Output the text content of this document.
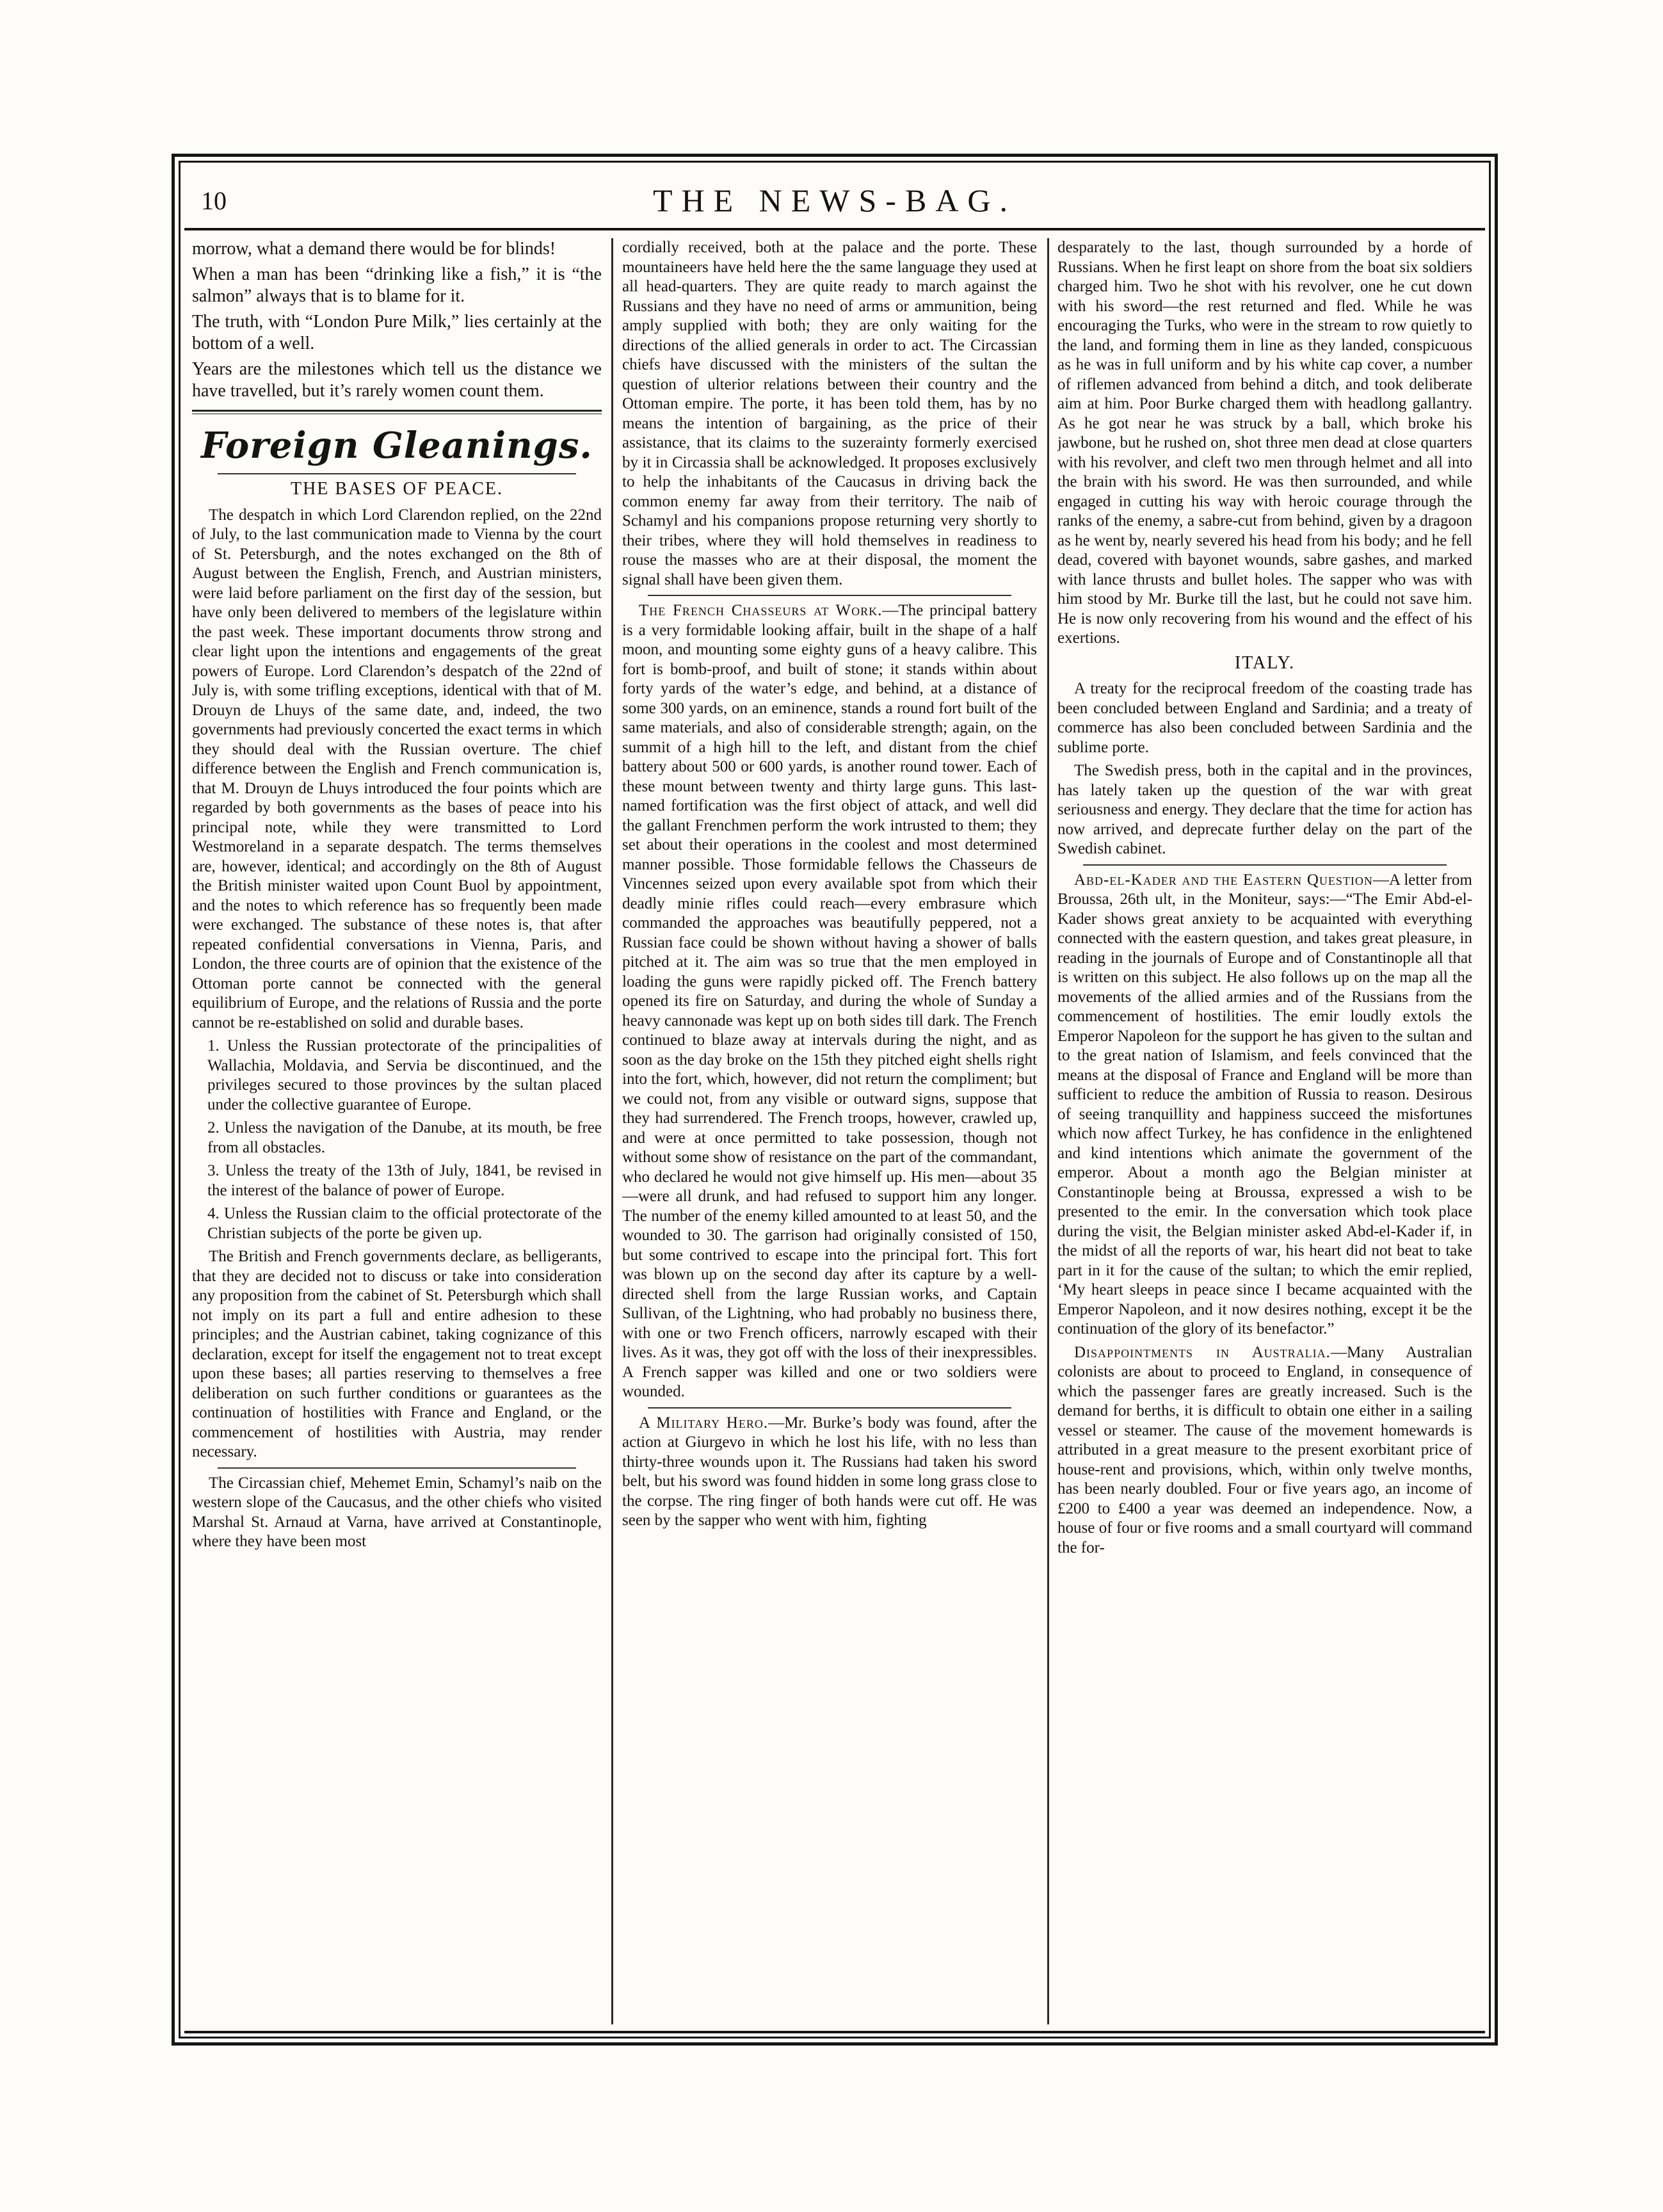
10	THE NEWS-BAG.

morrow, what a demand there would be for blinds!

When a man has been “drinking like a fish,” it is “the salmon” always that is to blame for it.

The truth, with “London Pure Milk,” lies certainly at the bottom of a well.

Years are the milestones which tell us the distance we have travelled, but it’s rarely women count them.

Foreign Gleanings.
THE BASES OF PEACE.

The despatch in which Lord Clarendon replied, on the 22nd of July, to the last communication made to Vienna by the court of St. Petersburgh, and the notes exchanged on the 8th of August between the English, French, and Austrian ministers, were laid before parliament on the first day of the session, but have only been delivered to members of the legislature within the past week. These important documents throw strong and clear light upon the intentions and engagements of the great powers of Europe. Lord Clarendon’s despatch of the 22nd of July is, with some trifling exceptions, identical with that of M. Drouyn de Lhuys of the same date, and, indeed, the two governments had previously concerted the exact terms in which they should deal with the Russian overture. The chief difference between the English and French communication is, that M. Drouyn de Lhuys introduced the four points which are regarded by both governments as the bases of peace into his principal note, while they were transmitted to Lord Westmoreland in a separate despatch. The terms themselves are, however, identical; and accordingly on the 8th of August the British minister waited upon Count Buol by appointment, and the notes to which reference has so frequently been made were exchanged. The substance of these notes is, that after repeated confidential conversations in Vienna, Paris, and London, the three courts are of opinion that the existence of the Ottoman porte cannot be connected with the general equilibrium of Europe, and the relations of Russia and the porte cannot be re-established on solid and durable bases.

1. Unless the Russian protectorate of the principalities of Wallachia, Moldavia, and Servia be discontinued, and the privileges secured to those provinces by the sultan placed under the collective guarantee of Europe.

2. Unless the navigation of the Danube, at its mouth, be free from all obstacles.

3. Unless the treaty of the 13th of July, 1841, be revised in the interest of the balance of power of Europe.

4. Unless the Russian claim to the official protectorate of the Christian subjects of the porte be given up.

The British and French governments declare, as belligerants, that they are decided not to discuss or take into consideration any proposition from the cabinet of St. Petersburgh which shall not imply on its part a full and entire adhesion to these principles; and the Austrian cabinet, taking cognizance of this declaration, except for itself the engagement not to treat except upon these bases; all parties reserving to themselves a free deliberation on such further conditions or guarantees as the continuation of hostilities with France and England, or the commencement of hostilities with Austria, may render necessary.

The Circassian chief, Mehemet Emin, Schamyl’s naib on the western slope of the Caucasus, and the other chiefs who visited Marshal St. Arnaud at Varna, have arrived at Constantinople, where they have been most

cordially received, both at the palace and the porte. These mountaineers have held here the the same language they used at all head-quarters. They are quite ready to march against the Russians and they have no need of arms or ammunition, being amply supplied with both; they are only waiting for the directions of the allied generals in order to act. The Circassian chiefs have discussed with the ministers of the sultan the question of ulterior relations between their country and the Ottoman empire. The porte, it has been told them, has by no means the intention of bargaining, as the price of their assistance, that its claims to the suzerainty formerly exercised by it in Circassia shall be acknowledged. It proposes exclusively to help the inhabitants of the Caucasus in driving back the common enemy far away from their territory. The naib of Schamyl and his companions propose returning very shortly to their tribes, where they will hold themselves in readiness to rouse the masses who are at their disposal, the moment the signal shall have been given them.

The French Chasseurs at Work.—The principal battery is a very formidable looking affair, built in the shape of a half moon, and mounting some eighty guns of a heavy calibre. This fort is bomb-proof, and built of stone; it stands within about forty yards of the water’s edge, and behind, at a distance of some 300 yards, on an eminence, stands a round fort built of the same materials, and also of considerable strength; again, on the summit of a high hill to the left, and distant from the chief battery about 500 or 600 yards, is another round tower. Each of these mount between twenty and thirty large guns. This last-named fortification was the first object of attack, and well did the gallant Frenchmen perform the work intrusted to them; they set about their operations in the coolest and most determined manner possible. Those formidable fellows the Chasseurs de Vincennes seized upon every available spot from which their deadly minie rifles could reach—every embrasure which commanded the approaches was beautifully peppered, not a Russian face could be shown without having a shower of balls pitched at it. The aim was so true that the men employed in loading the guns were rapidly picked off. The French battery opened its fire on Saturday, and during the whole of Sunday a heavy cannonade was kept up on both sides till dark. The French continued to blaze away at intervals during the night, and as soon as the day broke on the 15th they pitched eight shells right into the fort, which, however, did not return the compliment; but we could not, from any visible or outward signs, suppose that they had surrendered. The French troops, however, crawled up, and were at once permitted to take possession, though not without some show of resistance on the part of the commandant, who declared he would not give himself up. His men—about 35—were all drunk, and had refused to support him any longer. The number of the enemy killed amounted to at least 50, and the wounded to 30. The garrison had originally consisted of 150, but some contrived to escape into the principal fort. This fort was blown up on the second day after its capture by a well-directed shell from the large Russian works, and Captain Sullivan, of the Lightning, who had probably no business there, with one or two French officers, narrowly escaped with their lives. As it was, they got off with the loss of their inexpressibles. A French sapper was killed and one or two soldiers were wounded.

A Military Hero.—Mr. Burke’s body was found, after the action at Giurgevo in which he lost his life, with no less than thirty-three wounds upon it. The Russians had taken his sword belt, but his sword was found hidden in some long grass close to the corpse. The ring finger of both hands were cut off. He was seen by the sapper who went with him, fighting

desparately to the last, though surrounded by a horde of Russians. When he first leapt on shore from the boat six soldiers charged him. Two he shot with his revolver, one he cut down with his sword—the rest returned and fled. While he was encouraging the Turks, who were in the stream to row quietly to the land, and forming them in line as they landed, conspicuous as he was in full uniform and by his white cap cover, a number of riflemen advanced from behind a ditch, and took deliberate aim at him. Poor Burke charged them with headlong gallantry. As he got near he was struck by a ball, which broke his jawbone, but he rushed on, shot three men dead at close quarters with his revolver, and cleft two men through helmet and all into the brain with his sword. He was then surrounded, and while engaged in cutting his way with heroic courage through the ranks of the enemy, a sabre-cut from behind, given by a dragoon as he went by, nearly severed his head from his body; and he fell dead, covered with bayonet wounds, sabre gashes, and marked with lance thrusts and bullet holes. The sapper who was with him stood by Mr. Burke till the last, but he could not save him. He is now only recovering from his wound and the effect of his exertions.

ITALY.

A treaty for the reciprocal freedom of the coasting trade has been concluded between England and Sardinia; and a treaty of commerce has also been concluded between Sardinia and the sublime porte.

The Swedish press, both in the capital and in the provinces, has lately taken up the question of the war with great seriousness and energy. They declare that the time for action has now arrived, and deprecate further delay on the part of the Swedish cabinet.

Abd-el-Kader and the Eastern Question—A letter from Broussa, 26th ult, in the Moniteur, says:—“The Emir Abd-el-Kader shows great anxiety to be acquainted with everything connected with the eastern question, and takes great pleasure, in reading in the journals of Europe and of Constantinople all that is written on this subject. He also follows up on the map all the movements of the allied armies and of the Russians from the commencement of hostilities. The emir loudly extols the Emperor Napoleon for the support he has given to the sultan and to the great nation of Islamism, and feels convinced that the means at the disposal of France and England will be more than sufficient to reduce the ambition of Russia to reason. Desirous of seeing tranquillity and happiness succeed the misfortunes which now affect Turkey, he has confidence in the enlightened and kind intentions which animate the government of the emperor. About a month ago the Belgian minister at Constantinople being at Broussa, expressed a wish to be presented to the emir. In the conversation which took place during the visit, the Belgian minister asked Abd-el-Kader if, in the midst of all the reports of war, his heart did not beat to take part in it for the cause of the sultan; to which the emir replied, ‘My heart sleeps in peace since I became acquainted with the Emperor Napoleon, and it now desires nothing, except it be the continuation of the glory of its benefactor.”

Disappointments in Australia.—Many Australian colonists are about to proceed to England, in consequence of which the passenger fares are greatly increased. Such is the demand for berths, it is difficult to obtain one either in a sailing vessel or steamer. The cause of the movement homewards is attributed in a great measure to the present exorbitant price of house-rent and provisions, which, within only twelve months, has been nearly doubled. Four or five years ago, an income of £200 to £400 a year was deemed an independence. Now, a house of four or five rooms and a small courtyard will command the for-
